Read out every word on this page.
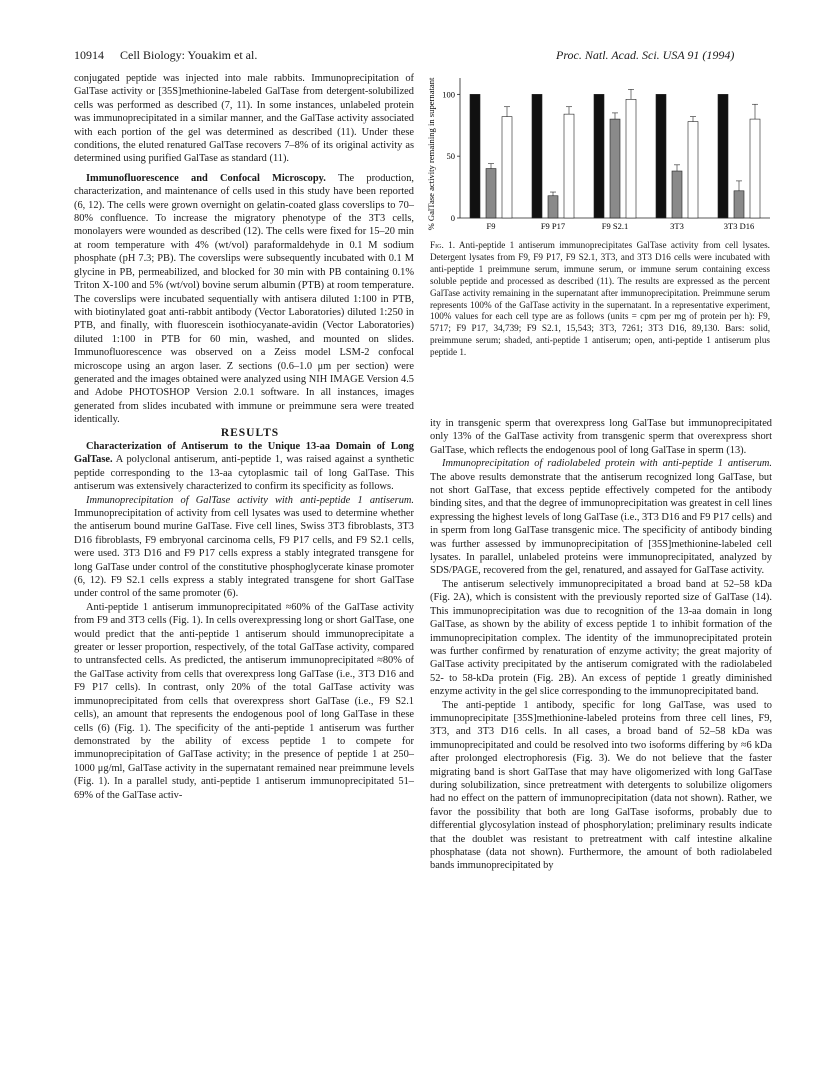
10914 Cell Biology: Youakim et al.	Proc. Natl. Acad. Sci. USA 91 (1994)

conjugated peptide was injected into male rabbits. Immunoprecipitation of GalTase activity or [35S]methionine-labeled GalTase from detergent-solubilized cells was performed as described (7, 11). In some instances, unlabeled protein was immunoprecipitated in a similar manner, and the GalTase activity associated with each portion of the gel was determined as described (11). Under these conditions, the eluted renatured GalTase recovers 7–8% of its original activity as determined using purified GalTase as standard (11).

Immunofluorescence and Confocal Microscopy. The production, characterization, and maintenance of cells used in this study have been reported (6, 12). The cells were grown overnight on gelatin-coated glass coverslips to 70–80% confluence. To increase the migratory phenotype of the 3T3 cells, monolayers were wounded as described (12). The cells were fixed for 15–20 min at room temperature with 4% (wt/vol) paraformaldehyde in 0.1 M sodium phosphate (pH 7.3; PB). The coverslips were subsequently incubated with 0.1 M glycine in PB, permeabilized, and blocked for 30 min with PB containing 0.1% Triton X-100 and 5% (wt/vol) bovine serum albumin (PTB) at room temperature. The coverslips were incubated sequentially with antisera diluted 1:100 in PTB, with biotinylated goat anti-rabbit antibody (Vector Laboratories) diluted 1:250 in PTB, and finally, with fluorescein isothiocyanate-avidin (Vector Laboratories) diluted 1:100 in PTB for 60 min, washed, and mounted on slides. Immunofluorescence was observed on a Zeiss model LSM-2 confocal microscope using an argon laser. Z sections (0.6–1.0 μm per section) were generated and the images obtained were analyzed using NIH IMAGE Version 4.5 and Adobe PHOTOSHOP Version 2.0.1 software. In all instances, images generated from slides incubated with immune or preimmune sera were treated identically.

RESULTS

Characterization of Antiserum to the Unique 13-aa Domain of Long GalTase. A polyclonal antiserum, anti-peptide 1, was raised against a synthetic peptide corresponding to the 13-aa cytoplasmic tail of long GalTase. This antiserum was extensively characterized to confirm its specificity as follows.

Immunoprecipitation of GalTase activity with anti-peptide 1 antiserum. Immunoprecipitation of activity from cell lysates was used to determine whether the antiserum bound murine GalTase. Five cell lines, Swiss 3T3 fibroblasts, 3T3 D16 fibroblasts, F9 embryonal carcinoma cells, F9 P17 cells, and F9 S2.1 cells, were used. 3T3 D16 and F9 P17 cells express a stably integrated transgene for long GalTase under control of the constitutive phosphoglycerate kinase promoter (6, 12). F9 S2.1 cells express a stably integrated transgene for short GalTase under control of the same promoter (6).

Anti-peptide 1 antiserum immunoprecipitated ≈60% of the GalTase activity from F9 and 3T3 cells (Fig. 1). In cells overexpressing long or short GalTase, one would predict that the anti-peptide 1 antiserum should immunoprecipitate a greater or lesser proportion, respectively, of the total GalTase activity, compared to untransfected cells. As predicted, the antiserum immunoprecipitated ≈80% of the GalTase activity from cells that overexpress long GalTase (i.e., 3T3 D16 and F9 P17 cells). In contrast, only 20% of the total GalTase activity was immunoprecipitated from cells that overexpress short GalTase (i.e., F9 S2.1 cells), an amount that represents the endogenous pool of long GalTase in these cells (6) (Fig. 1). The specificity of the anti-peptide 1 antiserum was further demonstrated by the ability of excess peptide 1 to compete for immunoprecipitation of GalTase activity; in the presence of peptide 1 at 250–1000 μg/ml, GalTase activity in the supernatant remained near preimmune levels (Fig. 1). In a parallel study, anti-peptide 1 antiserum immunoprecipitated 51–69% of the GalTase activ-

% GalTase activity remaining in supernatant 0
50
100
F9	F9 P17	F9 S2.1	3T3	3T3 D16
Fig. 1. Anti-peptide 1 antiserum immunoprecipitates GalTase activity from cell lysates. Detergent lysates from F9, F9 P17, F9 S2.1, 3T3, and 3T3 D16 cells were incubated with anti-peptide 1 preimmune serum, immune serum, or immune serum containing excess soluble peptide and processed as described (11). The results are expressed as the percent GalTase activity remaining in the supernatant after immunoprecipitation. Preimmune serum represents 100% of the GalTase activity in the supernatant. In a representative experiment, 100% values for each cell type are as follows (units = cpm per mg of protein per h): F9, 5717; F9 P17, 34,739; F9 S2.1, 15,543; 3T3, 7261; 3T3 D16, 89,130. Bars: solid, preimmune serum; shaded, anti-peptide 1 antiserum; open, anti-peptide 1 antiserum plus peptide 1.

ity in transgenic sperm that overexpress long GalTase but immunoprecipitated only 13% of the GalTase activity from transgenic sperm that overexpress short GalTase, which reflects the endogenous pool of long GalTase in sperm (13).

Immunoprecipitation of radiolabeled protein with anti-peptide 1 antiserum. The above results demonstrate that the antiserum recognized long GalTase, but not short GalTase, that excess peptide effectively competed for the antibody binding sites, and that the degree of immunoprecipitation was greatest in cell lines expressing the highest levels of long GalTase (i.e., 3T3 D16 and F9 P17 cells) and in sperm from long GalTase transgenic mice. The specificity of antibody binding was further assessed by immunoprecipitation of [35S]methionine-labeled cell lysates. In parallel, unlabeled proteins were immunoprecipitated, analyzed by SDS/PAGE, recovered from the gel, renatured, and assayed for GalTase activity.

The antiserum selectively immunoprecipitated a broad band at 52–58 kDa (Fig. 2A), which is consistent with the previously reported size of GalTase (14). This immunoprecipitation was due to recognition of the 13-aa domain in long GalTase, as shown by the ability of excess peptide 1 to inhibit formation of the immunoprecipitation complex. The identity of the immunoprecipitated protein was further confirmed by renaturation of enzyme activity; the great majority of GalTase activity precipitated by the antiserum comigrated with the radiolabeled 52- to 58-kDa protein (Fig. 2B). An excess of peptide 1 greatly diminished enzyme activity in the gel slice corresponding to the immunoprecipitated band.

The anti-peptide 1 antibody, specific for long GalTase, was used to immunoprecipitate [35S]methionine-labeled proteins from three cell lines, F9, 3T3, and 3T3 D16 cells. In all cases, a broad band of 52–58 kDa was immunoprecipitated and could be resolved into two isoforms differing by ≈6 kDa after prolonged electrophoresis (Fig. 3). We do not believe that the faster migrating band is short GalTase that may have oligomerized with long GalTase during solubilization, since pretreatment with detergents to solubilize oligomers had no effect on the pattern of immunoprecipitation (data not shown). Rather, we favor the possibility that both are long GalTase isoforms, probably due to differential glycosylation instead of phosphorylation; preliminary results indicate that the doublet was resistant to pretreatment with calf intestine alkaline phosphatase (data not shown). Furthermore, the amount of both radiolabeled bands immunoprecipitated by
